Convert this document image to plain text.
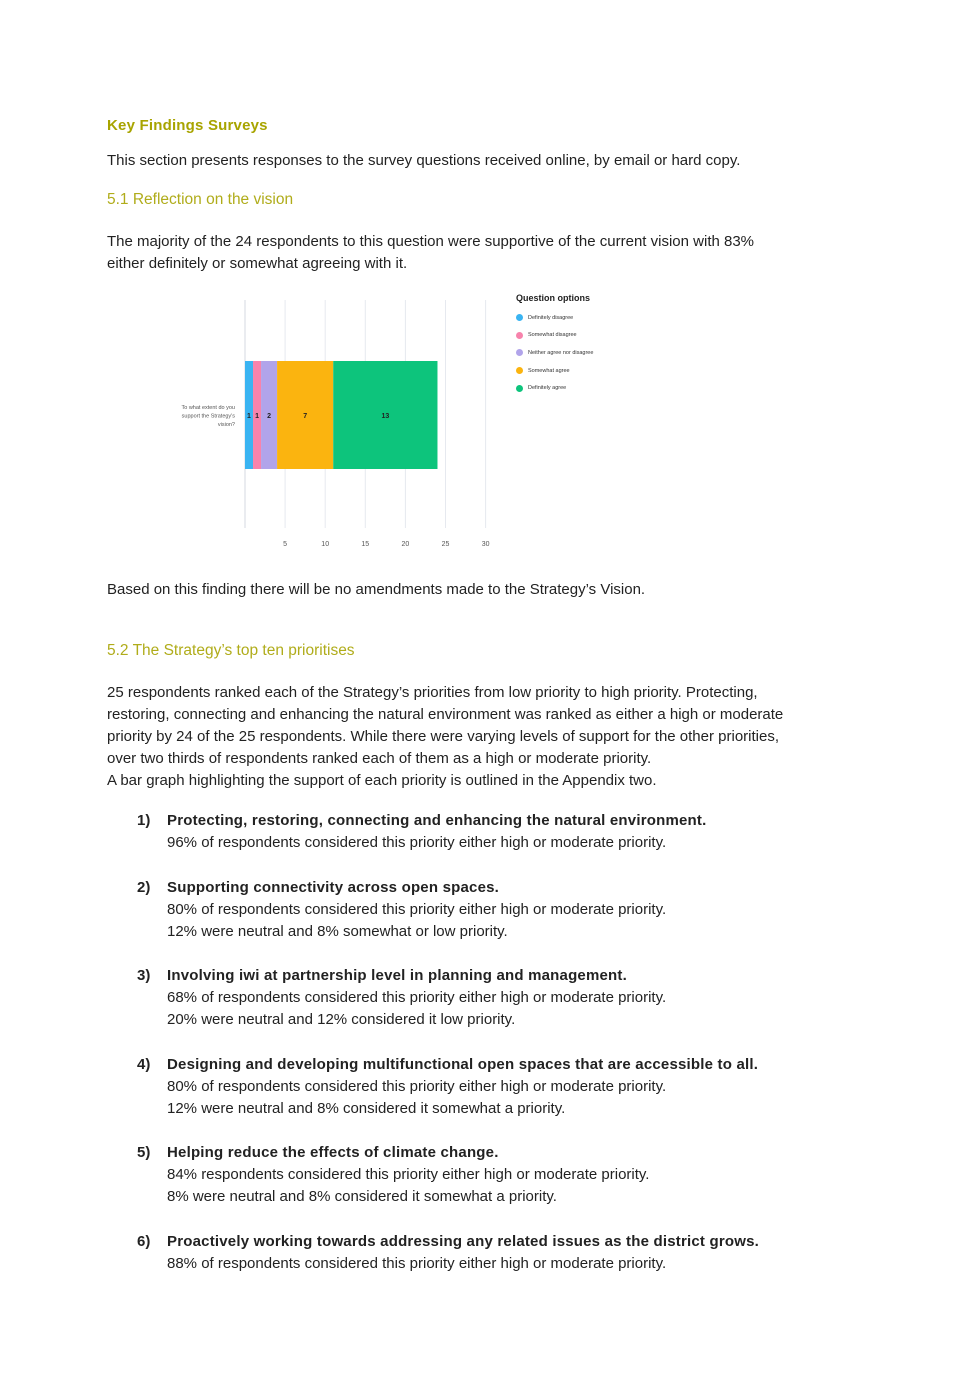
Key Findings Surveys
This section presents responses to the survey questions received online, by email or hard copy.
5.1 Reflection on the vision
The majority of the 24 respondents to this question were supportive of the current vision with 83%
either definitely or somewhat agreeing with it.
1 1 2	7	13
5	10	15	20	25	30
To what extent do you
support the Strategy's
vision?
Question options
Definitely disagree
Somewhat disagree
Neither agree nor disagree
Somewhat agree
Definitely agree
Based on this finding there will be no amendments made to the Strategy’s Vision.
5.2 The Strategy’s top ten prioritises
25 respondents ranked each of the Strategy’s priorities from low priority to high priority. Protecting,
restoring, connecting and enhancing the natural environment was ranked as either a high or moderate
priority by 24 of the 25 respondents. While there were varying levels of support for the other priorities,
over two thirds of respondents ranked each of them as a high or moderate priority.
A bar graph highlighting the support of each priority is outlined in the Appendix two.
1) Protecting, restoring, connecting and enhancing the natural environment.
96% of respondents considered this priority either high or moderate priority.
2) Supporting connectivity across open spaces.
80% of respondents considered this priority either high or moderate priority.
12% were neutral and 8% somewhat or low priority.
3) Involving iwi at partnership level in planning and management.
68% of respondents considered this priority either high or moderate priority.
20% were neutral and 12% considered it low priority.
4) Designing and developing multifunctional open spaces that are accessible to all.
80% of respondents considered this priority either high or moderate priority.
12% were neutral and 8% considered it somewhat a priority.
5) Helping reduce the effects of climate change.
84% respondents considered this priority either high or moderate priority.
8% were neutral and 8% considered it somewhat a priority.
6) Proactively working towards addressing any related issues as the district grows.
88% of respondents considered this priority either high or moderate priority.
